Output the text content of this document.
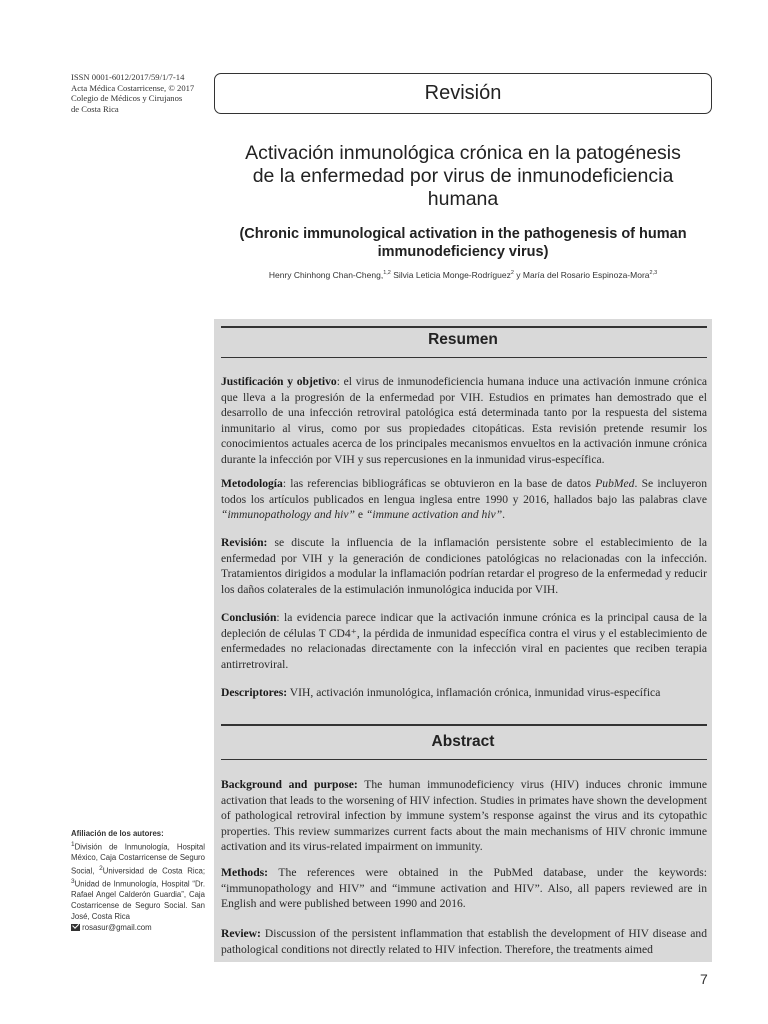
ISSN 0001-6012/2017/59/1/7-14
Acta Médica Costarricense, © 2017
Colegio de Médicos y Cirujanos
de Costa Rica
Revisión
Activación inmunológica crónica en la patogénesis
de la enfermedad por virus de inmunodeficiencia
humana
(Chronic immunological activation in the pathogenesis of human
immunodeficiency virus)
Henry Chinhong Chan-Cheng,$^{1,2}$ Silvia Leticia Monge-Rodríguez$^2$ y María del Rosario Espinoza-Mora$^{2,3}$
Resumen

Justificación y objetivo: el virus de inmunodeficiencia humana induce una activación inmune crónica que lleva a la progresión de la enfermedad por VIH. Estudios en primates han demostrado que el desarrollo de una infección retroviral patológica está determinada tanto por la respuesta del sistema inmunitario al virus, como por sus propiedades citopáticas. Esta revisión pretende resumir los conocimientos actuales acerca de los principales mecanismos envueltos en la activación inmune crónica durante la infección por VIH y sus repercusiones en la inmunidad virus-específica.

Metodología: las referencias bibliográficas se obtuvieron en la base de datos PubMed. Se incluyeron todos los artículos publicados en lengua inglesa entre 1990 y 2016, hallados bajo las palabras clave “immunopathology and hiv” e “immune activation and hiv”.

Revisión: se discute la influencia de la inflamación persistente sobre el establecimiento de la enfermedad por VIH y la generación de condiciones patológicas no relacionadas con la infección. Tratamientos dirigidos a modular la inflamación podrían retardar el progreso de la enfermedad y reducir los daños colaterales de la estimulación inmunológica inducida por VIH.

Conclusión: la evidencia parece indicar que la activación inmune crónica es la principal causa de la depleción de células T CD4⁺, la pérdida de inmunidad específica contra el virus y el establecimiento de enfermedades no relacionadas directamente con la infección viral en pacientes que reciben terapia antirretroviral.

Descriptores: VIH, activación inmunológica, inflamación crónica, inmunidad virus-específica

Abstract

Background and purpose: The human immunodeficiency virus (HIV) induces chronic immune activation that leads to the worsening of HIV infection. Studies in primates have shown the development of pathological retroviral infection by immune system’s response against the virus and its cytopathic properties. This review summarizes current facts about the main mechanisms of HIV chronic immune activation and its virus-related impairment on immunity.

Methods: The references were obtained in the PubMed database, under the keywords: “immunopathology and HIV” and “immune activation and HIV”. Also, all papers reviewed are in English and were published between 1990 and 2016.

Review: Discussion of the persistent inflammation that establish the development of HIV disease and pathological conditions not directly related to HIV infection. Therefore, the treatments aimed

Afiliación de los autores:
$^1$División de Inmunología, Hospital México, Caja Costarricense de Seguro Social, $^2$Universidad de Costa Rica; $^3$Unidad de Inmunología, Hospital “Dr. Rafael Angel Calderón Guardia”, Caja Costarricense de Seguro Social. San José, Costa Rica
rosasur@gmail.com
7
